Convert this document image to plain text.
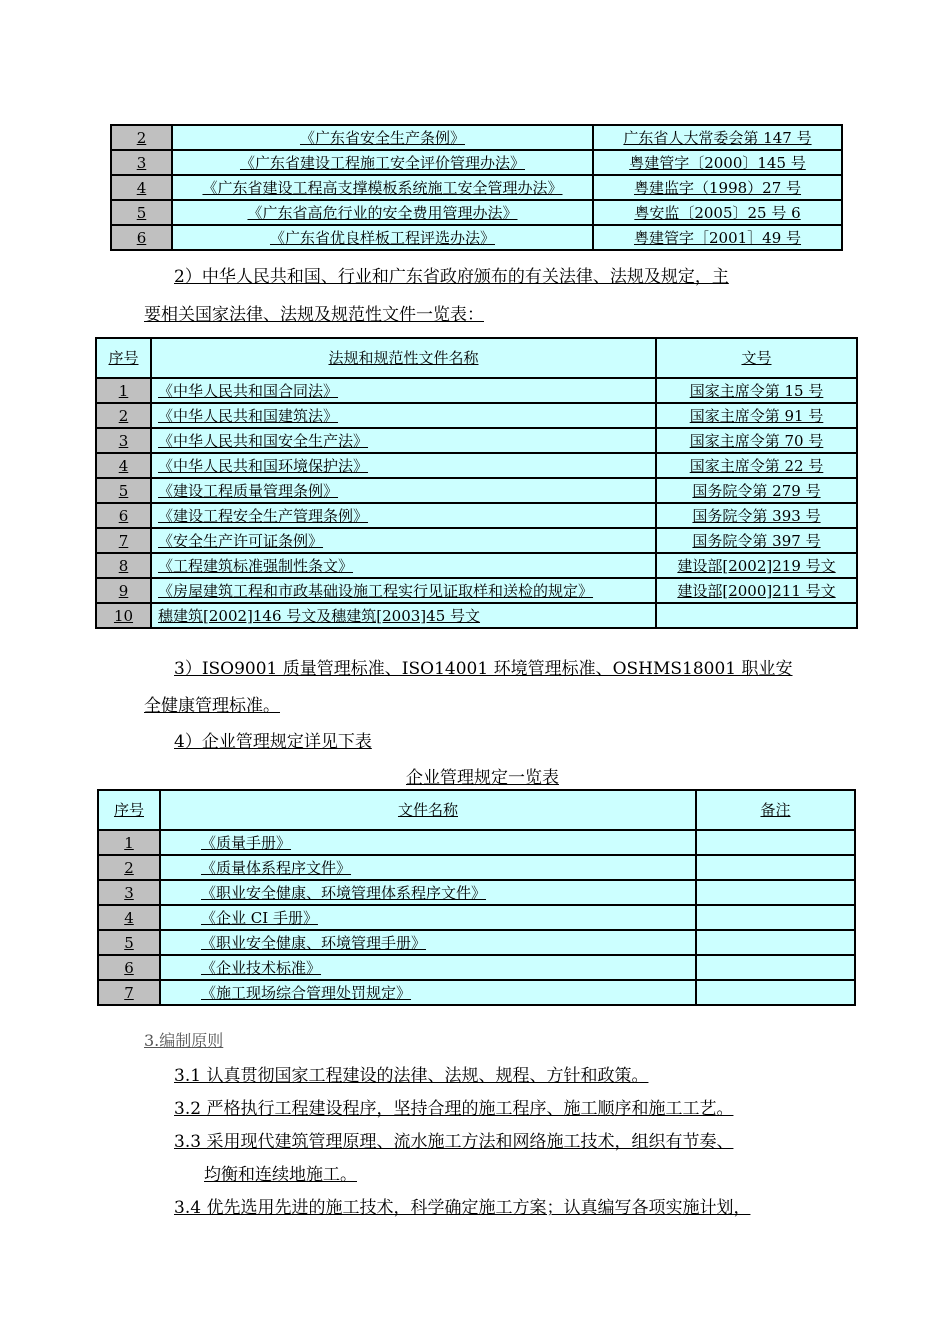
2	《广东省安全生产条例》	广东省人大常委会第 147 号
3	《广东省建设工程施工安全评价管理办法》	粤建管字〔2000〕145 号
4	《广东省建设工程高支撑模板系统施工安全管理办法》	粤建监字（1998）27 号
5	《广东省高危行业的安全费用管理办法》	粤安监〔2005〕25 号 6
6	《广东省优良样板工程评选办法》	粤建管字［2001］49 号
2）中华人民共和国、行业和广东省政府颁布的有关法律、法规及规定，主
要相关国家法律、法规及规范性文件一览表：
序号	法规和规范性文件名称	文号
1	《中华人民共和国合同法》	国家主席令第 15 号
2	《中华人民共和国建筑法》	国家主席令第 91 号
3	《中华人民共和国安全生产法》	国家主席令第 70 号
4	《中华人民共和国环境保护法》	国家主席令第 22 号
5	《建设工程质量管理条例》	国务院令第 279 号
6	《建设工程安全生产管理条例》	国务院令第 393 号
7	《安全生产许可证条例》	国务院令第 397 号
8	《工程建筑标准强制性条文》	建设部[2002]219 号文
9	《房屋建筑工程和市政基础设施工程实行见证取样和送检的规定》	建设部[2000]211 号文
10	穗建筑[2002]146 号文及穗建筑[2003]45 号文	
3）ISO9001 质量管理标准、ISO14001 环境管理标准、OSHMS18001 职业安
全健康管理标准。
4）企业管理规定详见下表
企业管理规定一览表
序号	文件名称	备注
1	《质量手册》	
2	《质量体系程序文件》	
3	《职业安全健康、环境管理体系程序文件》	
4	《企业 CI 手册》	
5	《职业安全健康、环境管理手册》	
6	《企业技术标准》	
7	《施工现场综合管理处罚规定》	
3.编制原则
3.1 认真贯彻国家工程建设的法律、法规、规程、方针和政策。
3.2 严格执行工程建设程序，坚持合理的施工程序、施工顺序和施工工艺。
3.3 采用现代建筑管理原理、流水施工方法和网络施工技术，组织有节奏、
均衡和连续地施工。
3.4 优先选用先进的施工技术，科学确定施工方案；认真编写各项实施计划，
